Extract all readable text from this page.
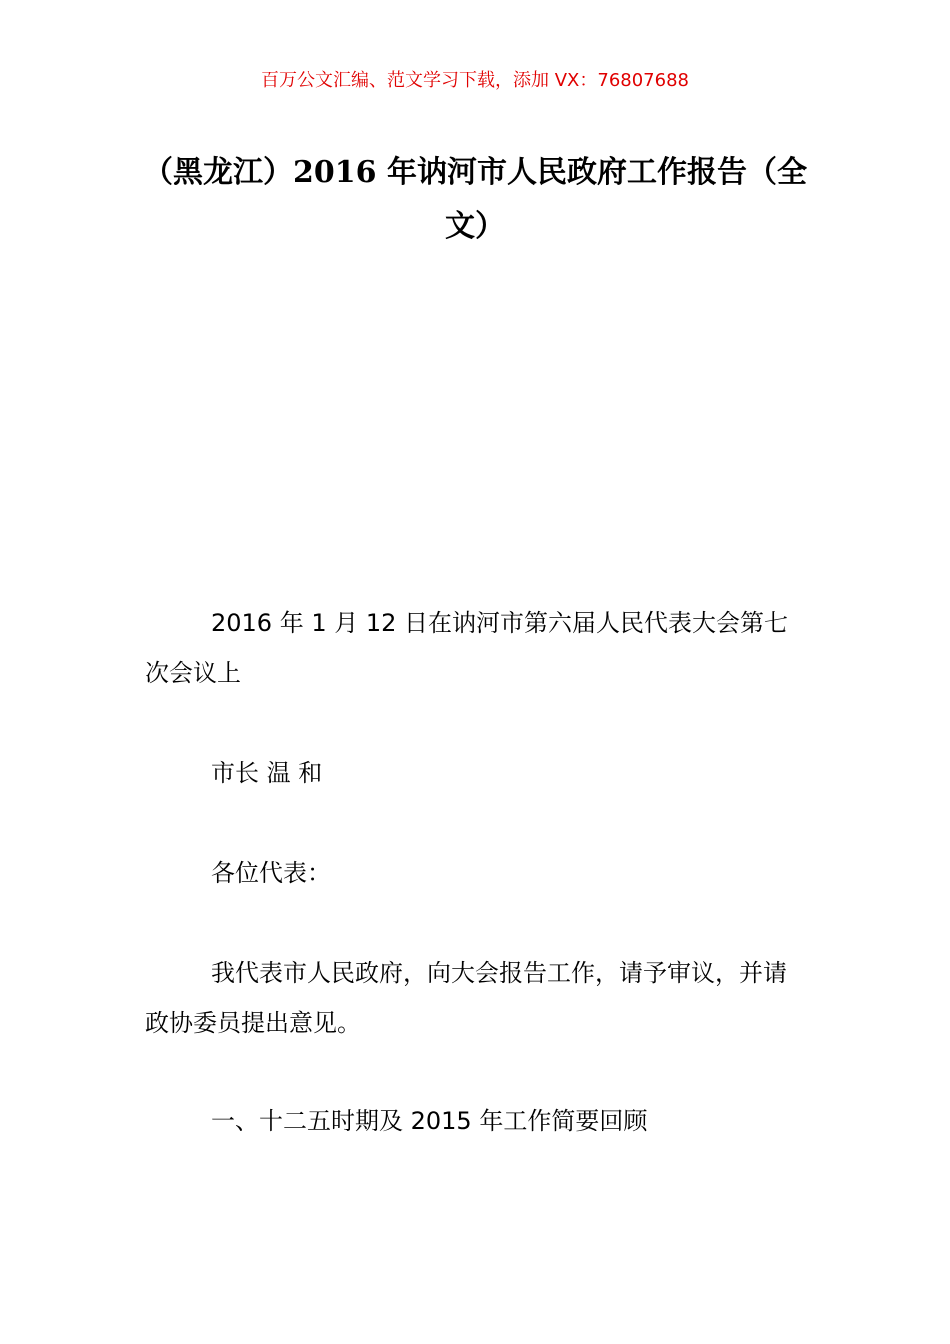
百万公文汇编、范文学习下载，添加 VX：76807688
（黑龙江）2016 年讷河市人民政府工作报告（全文）
2016 年 1 月 12 日在讷河市第六届人民代表大会第七次会议上
市长 温 和
各位代表：
我代表市人民政府，向大会报告工作，请予审议，并请政协委员提出意见。
一、十二五时期及 2015 年工作简要回顾
